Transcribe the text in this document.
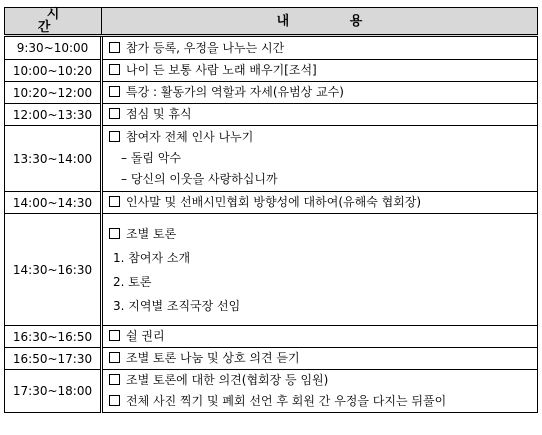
시 간	내 용
9:30~10:00	참가 등록, 우정을 나누는 시간

10:00~10:20	나이 든 보통 사람 노래 배우기[조석]

10:20~12:00	특강 : 활동가의 역할과 자세(유범상 교수)

12:00~13:30	점심 및 휴식

13:30~14:00	참여자 전체 인사 나누기
– 돌림 악수
– 당신의 이웃을 사랑하십니까

14:00~14:30	인사말 및 선배시민협회 방향성에 대하여(유해숙 협회장)

14:30~16:30	조별 토론
1. 참여자 소개
2. 토론
3. 지역별 조직국장 선임

16:30~16:50	쉴 권리

16:50~17:30	조별 토론 나눔 및 상호 의견 듣기

17:30~18:00	조별 토론에 대한 의견(협회장 등 임원)
전체 사진 찍기 및 폐회 선언 후 회원 간 우정을 다지는 뒤풀이
